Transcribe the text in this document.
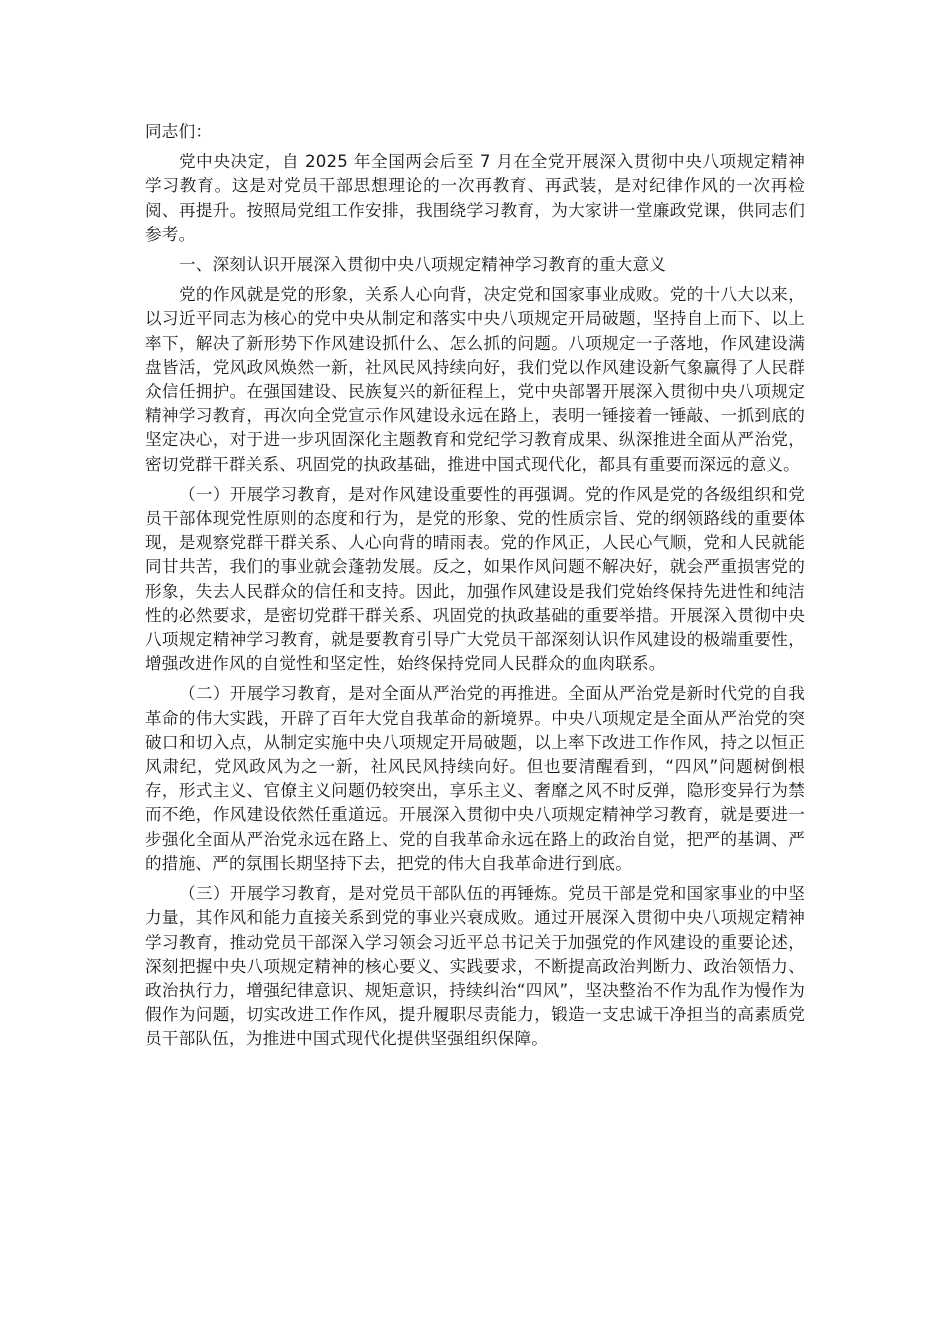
同志们：

党中央决定，自 2025 年全国两会后至 7 月在全党开展深入贯彻中央八项规定精神学习教育。这是对党员干部思想理论的一次再教育、再武装，是对纪律作风的一次再检阅、再提升。按照局党组工作安排，我围绕学习教育，为大家讲一堂廉政党课，供同志们参考。

一、深刻认识开展深入贯彻中央八项规定精神学习教育的重大意义

党的作风就是党的形象，关系人心向背，决定党和国家事业成败。党的十八大以来，以习近平同志为核心的党中央从制定和落实中央八项规定开局破题，坚持自上而下、以上率下，解决了新形势下作风建设抓什么、怎么抓的问题。八项规定一子落地，作风建设满盘皆活，党风政风焕然一新，社风民风持续向好，我们党以作风建设新气象赢得了人民群众信任拥护。在强国建设、民族复兴的新征程上，党中央部署开展深入贯彻中央八项规定精神学习教育，再次向全党宣示作风建设永远在路上，表明一锤接着一锤敲、一抓到底的坚定决心，对于进一步巩固深化主题教育和党纪学习教育成果、纵深推进全面从严治党，密切党群干群关系、巩固党的执政基础，推进中国式现代化，都具有重要而深远的意义。

（一）开展学习教育，是对作风建设重要性的再强调。党的作风是党的各级组织和党员干部体现党性原则的态度和行为，是党的形象、党的性质宗旨、党的纲领路线的重要体现，是观察党群干群关系、人心向背的晴雨表。党的作风正，人民心气顺，党和人民就能同甘共苦，我们的事业就会蓬勃发展。反之，如果作风问题不解决好，就会严重损害党的形象，失去人民群众的信任和支持。因此，加强作风建设是我们党始终保持先进性和纯洁性的必然要求，是密切党群干群关系、巩固党的执政基础的重要举措。开展深入贯彻中央八项规定精神学习教育，就是要教育引导广大党员干部深刻认识作风建设的极端重要性，增强改进作风的自觉性和坚定性，始终保持党同人民群众的血肉联系。

（二）开展学习教育，是对全面从严治党的再推进。全面从严治党是新时代党的自我革命的伟大实践，开辟了百年大党自我革命的新境界。中央八项规定是全面从严治党的突破口和切入点，从制定实施中央八项规定开局破题，以上率下改进工作作风，持之以恒正风肃纪，党风政风为之一新，社风民风持续向好。但也要清醒看到，“四风”问题树倒根存，形式主义、官僚主义问题仍较突出，享乐主义、奢靡之风不时反弹，隐形变异行为禁而不绝，作风建设依然任重道远。开展深入贯彻中央八项规定精神学习教育，就是要进一步强化全面从严治党永远在路上、党的自我革命永远在路上的政治自觉，把严的基调、严的措施、严的氛围长期坚持下去，把党的伟大自我革命进行到底。

（三）开展学习教育，是对党员干部队伍的再锤炼。党员干部是党和国家事业的中坚力量，其作风和能力直接关系到党的事业兴衰成败。通过开展深入贯彻中央八项规定精神学习教育，推动党员干部深入学习领会习近平总书记关于加强党的作风建设的重要论述，深刻把握中央八项规定精神的核心要义、实践要求，不断提高政治判断力、政治领悟力、政治执行力，增强纪律意识、规矩意识，持续纠治“四风”，坚决整治不作为乱作为慢作为假作为问题，切实改进工作作风，提升履职尽责能力，锻造一支忠诚干净担当的高素质党员干部队伍，为推进中国式现代化提供坚强组织保障。
